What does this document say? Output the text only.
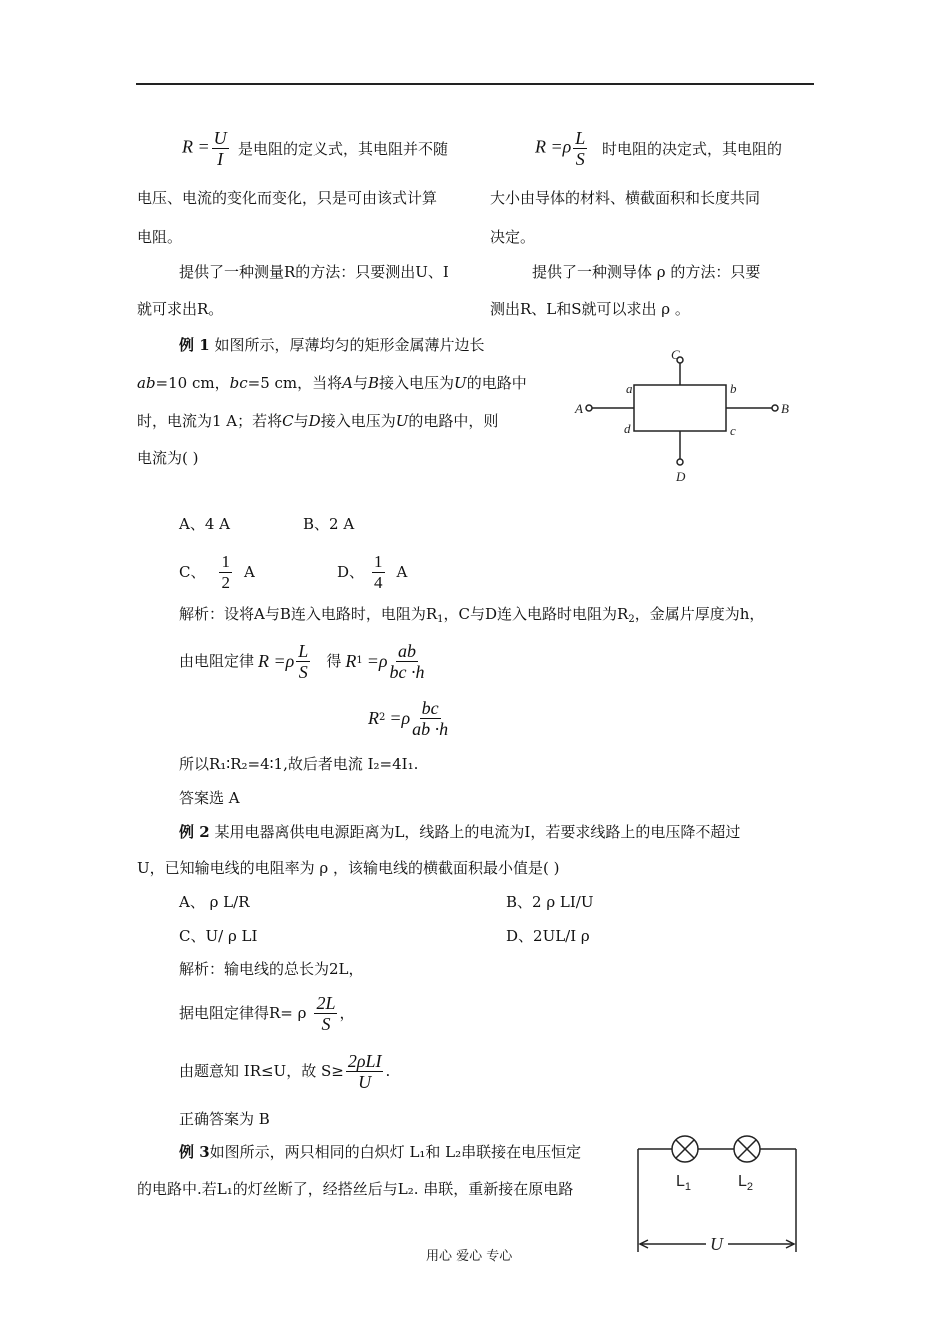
$R = \frac{U}{I}$ 是电阻的定义式，其电阻并不随
电压、电流的变化而变化，只是可由该式计算
电阻。
提供了一种测量R的方法：只要测出U、I
就可求出R。
$R =\rho \frac{L}{S}$ 时电阻的决定式，其电阻的
大小由导体的材料、横截面积和长度共同
决定。
提供了一种测导体 ρ 的方法：只要
测出R、L和S就可以求出 ρ 。
例 1 如图所示，厚薄均匀的矩形金属薄片边长
ab=10 cm，bc=5 cm，当将A与B接入电压为U的电路中
时，电流为1 A；若将C与D接入电压为U的电路中，则
电流为( )
A	B
C
D
a	b
c
d
A、4 A	B、2 A
C、 $\frac{1}{2}$ A	D、 $\frac{1}{4}$ A
解析：设将A与B连入电路时，电阻为$R_1$，C与D连入电路时电阻为$R_2$，金属片厚度为h，
由电阻定律 $R =\rho \frac{L}{S}$ 得 R $1 =\rho \frac{ab}{bc \cdot h}$
R $2 =\rho \frac{bc}{ab \cdot h}$
所以R₁∶R₂=4∶1,故后者电流 I₂=4I₁.
答案选 A
例 2 某用电器离供电电源距离为L，线路上的电流为I，若要求线路上的电压降不超过
U，已知输电线的电阻率为 ρ ，该输电线的横截面积最小值是( )
A、 ρ L/R	B、2 ρ LI/U
C、U/ ρ LI	D、2UL/I ρ
解析：输电线的总长为2L，
据电阻定律得R= ρ $\frac{2L}{S}$ ，
由题意知 IR≤U，故 S≥
2ρLI
U
.
正确答案为 B
例 3如图所示，两只相同的白炽灯 L₁和 L₂串联接在电压恒定
的电路中.若L₁的灯丝断了，经搭丝后与L₂. 串联，重新接在原电路	$L_1$	$L_2$
U
用心 爱心 专心
